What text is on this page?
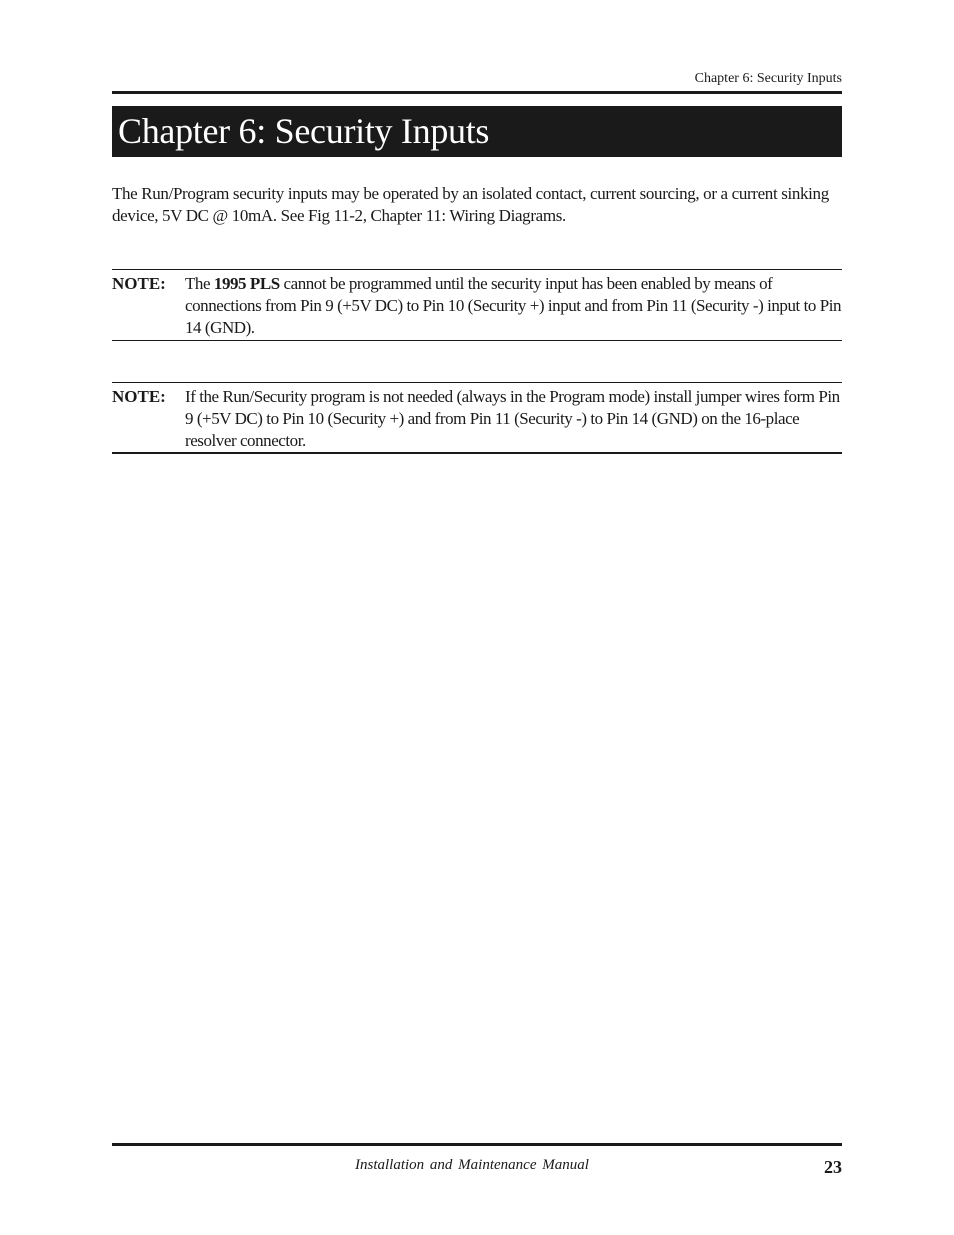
Chapter 6: Security Inputs
Chapter 6: Security Inputs

The Run/Program security inputs may be operated by an isolated contact, current sourcing, or a current sinking device, 5V DC @ 10mA. See Fig 11-2, Chapter 11: Wiring Diagrams.

NOTE: The 1995 PLS cannot be programmed until the security input has been enabled by means of connections from Pin 9 (+5V DC) to Pin 10 (Security +) input and from Pin 11 (Security -) input to Pin 14 (GND).

NOTE: If the Run/Security program is not needed (always in the Program mode) install jumper wires form Pin 9 (+5V DC) to Pin 10 (Security +) and from Pin 11 (Security -) to Pin 14 (GND) on the 16-place resolver connector.

Installation and Maintenance Manual	23
